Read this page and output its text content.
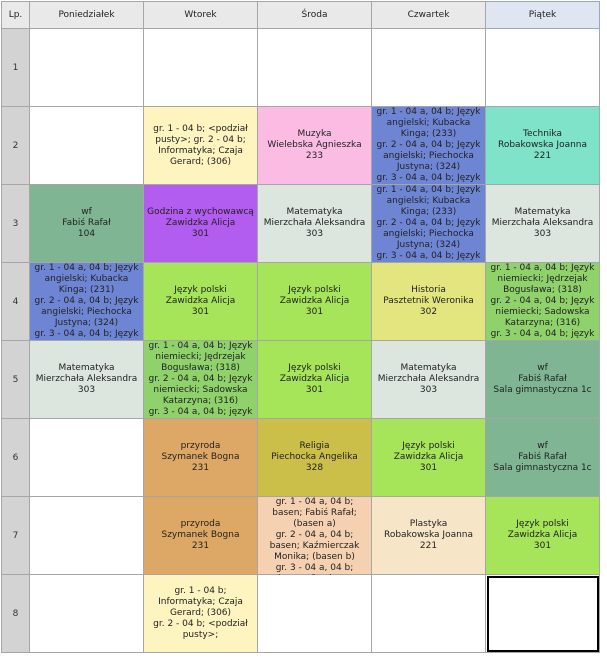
Lp.	Poniedziałek	Wtorek	Środa	Czwartek	Piątek
1	

2		gr. 1 - 04 b; <podział pusty>; gr. 2 - 04 b; Informatyka; Czaja Gerard; (306)	Muzyka
Wielebska Agnieszka
233	gr. 1 - 04 a, 04 b; Język angielski; Kubacka Kinga; (233)
gr. 2 - 04 a, 04 b; Język angielski; Piechocka Justyna; (324)
gr. 3 - 04 a, 04 b; Język	Technika
Robakowska Joanna
221

3	wf
Fabiś Rafał
104	Godzina z wychowawcą
Zawidzka Alicja
301	Matematyka
Mierzchała Aleksandra
303	gr. 1 - 04 a, 04 b; Język angielski; Kubacka Kinga; (233)
gr. 2 - 04 a, 04 b; Język angielski; Piechocka Justyna; (324)
gr. 3 - 04 a, 04 b; Język	Matematyka
Mierzchała Aleksandra
303

4	gr. 1 - 04 a, 04 b; Język angielski; Kubacka Kinga; (231)
gr. 2 - 04 a, 04 b; Język angielski; Piechocka Justyna; (324)
gr. 3 - 04 a, 04 b; Język	Język polski
Zawidzka Alicja
301	Język polski
Zawidzka Alicja
301	Historia
Pasztetnik Weronika
302	gr. 1 - 04 a, 04 b; Język niemiecki; Jędrzejak Bogusława; (318)
gr. 2 - 04 a, 04 b; Język niemiecki; Sadowska Katarzyna; (316)
gr. 3 - 04 a, 04 b; język

5	Matematyka
Mierzchała Aleksandra
303	gr. 1 - 04 a, 04 b; Język niemiecki; Jędrzejak Bogusława; (318)
gr. 2 - 04 a, 04 b; Język niemiecki; Sadowska Katarzyna; (316)
gr. 3 - 04 a, 04 b; język	Język polski
Zawidzka Alicja
301	Matematyka
Mierzchała Aleksandra
303	wf
Fabiś Rafał
Sala gimnastyczna 1c

6		przyroda
Szymanek Bogna
231	Religia
Piechocka Angelika
328	Język polski
Zawidzka Alicja
301	wf
Fabiś Rafał
Sala gimnastyczna 1c

7		przyroda
Szymanek Bogna
231	gr. 1 - 04 a, 04 b; basen; Fabiś Rafał; (basen a)
gr. 2 - 04 a, 04 b; basen; Kaźmierczak Monika; (basen b)
gr. 3 - 04 a, 04 b;	Plastyka
Robakowska Joanna
221	Język polski
Zawidzka Alicja
301

8		gr. 1 - 04 b; Informatyka; Czaja Gerard; (306)
gr. 2 - 04 b; <podział pusty>;			
